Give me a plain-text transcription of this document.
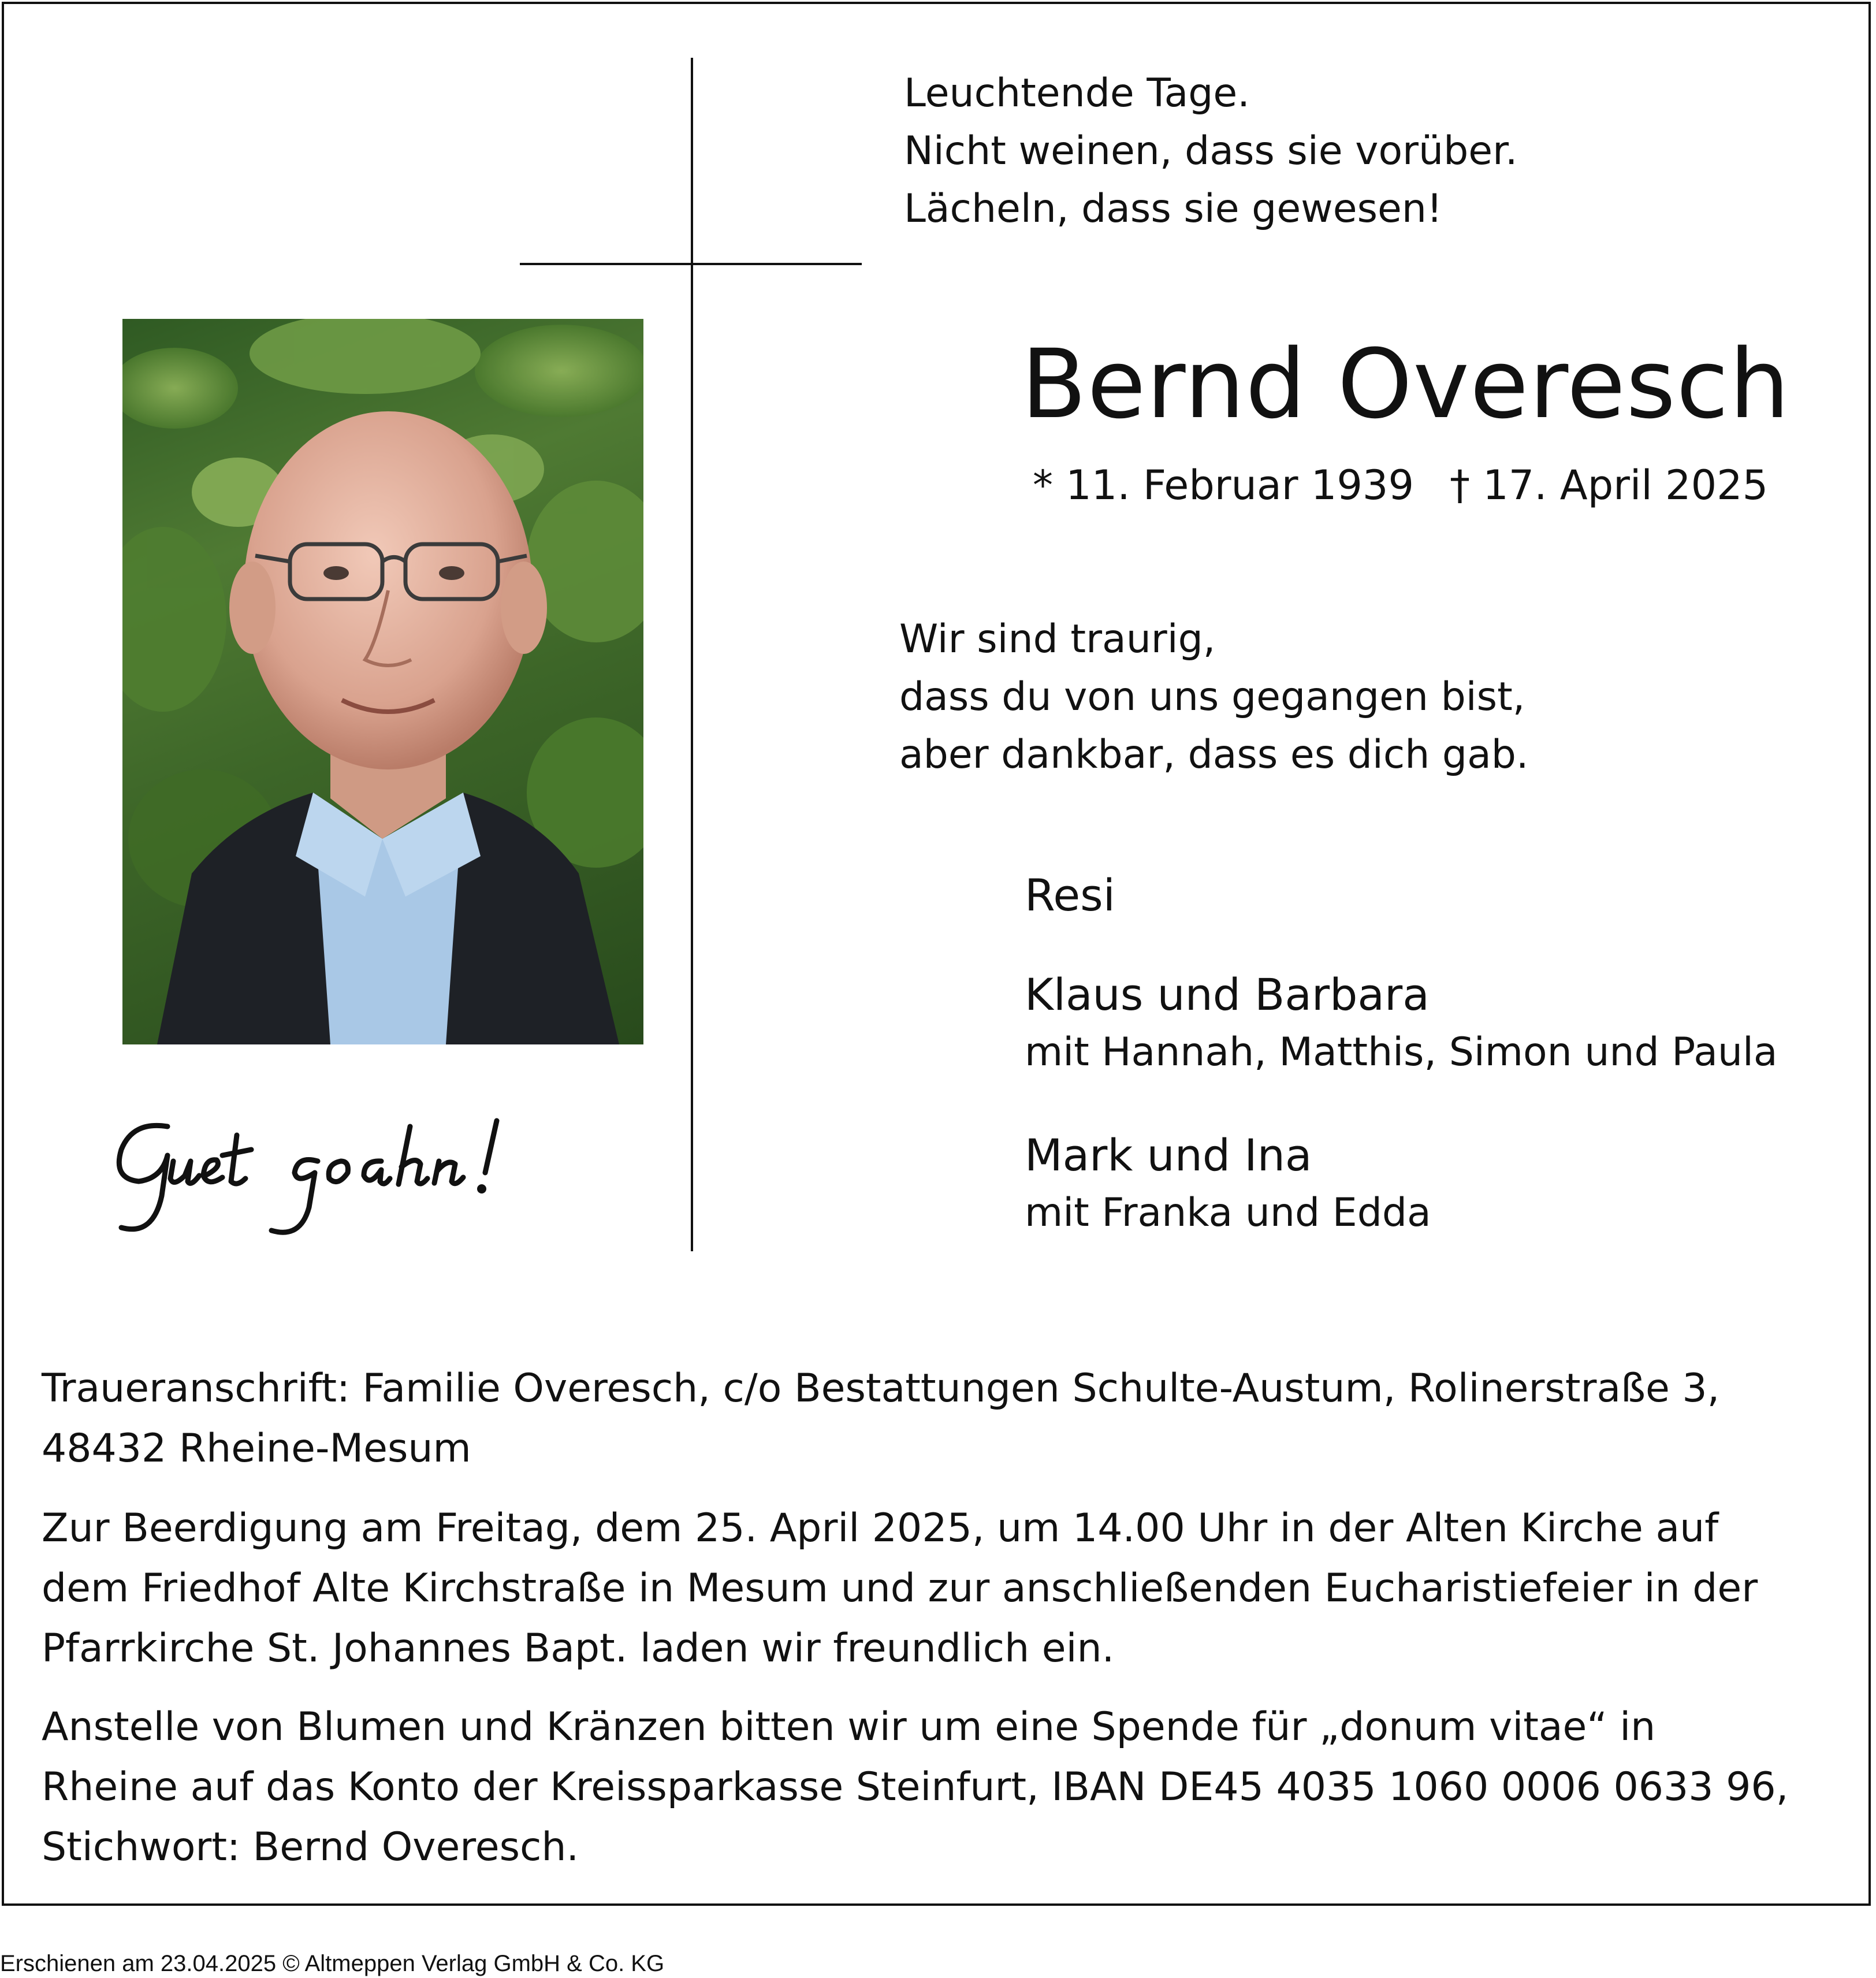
Leuchtende Tage.
Nicht weinen, dass sie vorüber.
Lächeln, dass sie gewesen!
Bernd Overesch
* 11. Februar 1939 † 17. April 2025
Wir sind traurig,
dass du von uns gegangen bist,
aber dankbar, dass es dich gab.
Resi
Klaus und Barbara
mit Hannah, Matthis, Simon und Paula
Mark und Ina
mit Franka und Edda
Traueranschrift: Familie Overesch, c/o Bestattungen Schulte-Austum, Rolinerstraße 3,
48432 Rheine-Mesum
Zur Beerdigung am Freitag, dem 25. April 2025, um 14.00 Uhr in der Alten Kirche auf
dem Friedhof Alte Kirchstraße in Mesum und zur anschließenden Eucharistiefeier in der
Pfarrkirche St. Johannes Bapt. laden wir freundlich ein.
Anstelle von Blumen und Kränzen bitten wir um eine Spende für „donum vitae“ in
Rheine auf das Konto der Kreissparkasse Steinfurt, IBAN DE45 4035 1060 0006 0633 96,
Stichwort: Bernd Overesch.
Erschienen am 23.04.2025 © Altmeppen Verlag GmbH & Co. KG
